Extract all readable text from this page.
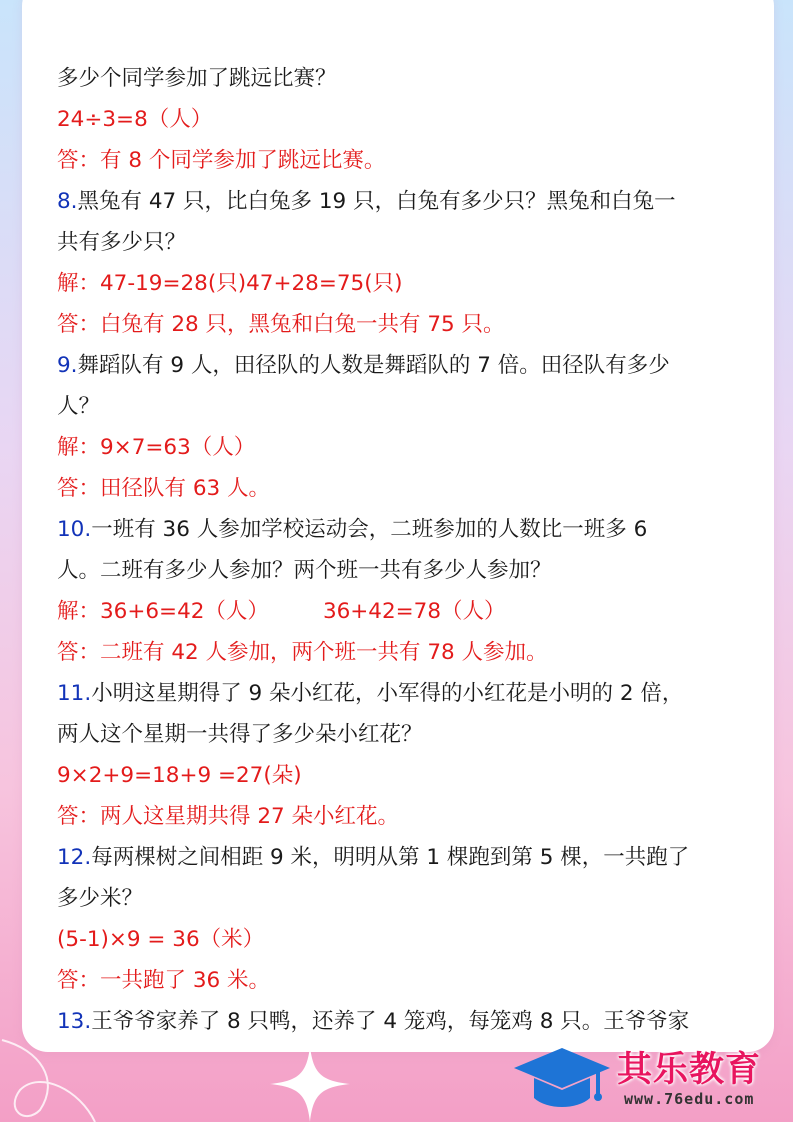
多少个同学参加了跳远比赛？
24÷3=8（人）
答：有 8 个同学参加了跳远比赛。
8.黑兔有 47 只，比白兔多 19 只，白兔有多少只？黑兔和白兔一
共有多少只？
解：47-19=28(只)47+28=75(只)
答：白兔有 28 只，黑兔和白兔一共有 75 只。
9.舞蹈队有 9 人，田径队的人数是舞蹈队的 7 倍。田径队有多少
人？
解：9×7=63（人）
答：田径队有 63 人。
10.一班有 36 人参加学校运动会，二班参加的人数比一班多 6
人。二班有多少人参加？两个班一共有多少人参加？
解：36+6=42（人）	36+42=78（人）
答：二班有 42 人参加，两个班一共有 78 人参加。
11.小明这星期得了 9 朵小红花，小军得的小红花是小明的 2 倍，
两人这个星期一共得了多少朵小红花？
9×2+9=18+9 =27(朵)
答：两人这星期共得 27 朵小红花。
12.每两棵树之间相距 9 米，明明从第 1 棵跑到第 5 棵，一共跑了
多少米？
(5-1)×9 = 36（米）
答：一共跑了 36 米。
13.王爷爷家养了 8 只鸭，还养了 4 笼鸡，每笼鸡 8 只。王爷爷家
其乐教育
www.76edu.com
